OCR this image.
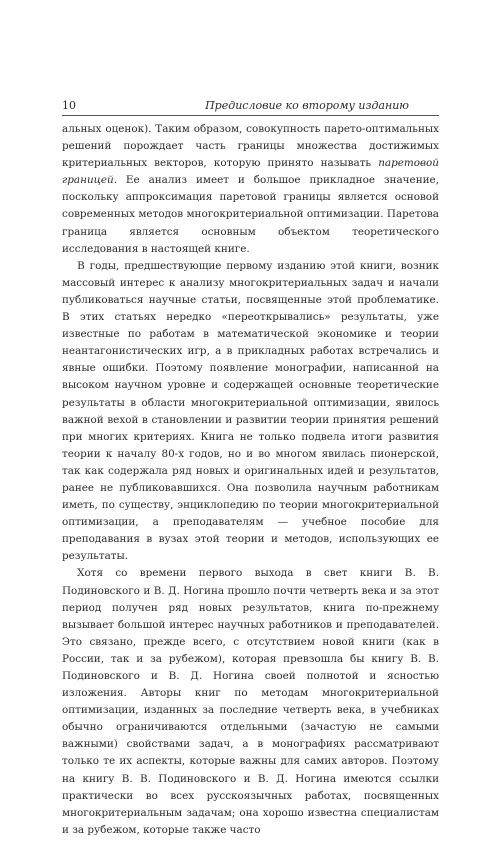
10	Предисловие ко второму изданию

альных оценок). Таким образом, совокупность парето-оптимальных решений порождает часть границы множества достижимых критериальных векторов, которую принято называть паретовой границей. Ее анализ имеет и большое прикладное значение, поскольку аппроксимация паретовой границы является основой современных методов многокритериальной оптимизации. Паретова граница является основным объектом теоретического исследования в настоящей книге.

В годы, предшествующие первому изданию этой книги, возник массовый интерес к анализу многокритериальных задач и начали публиковаться научные статьи, посвященные этой проблематике. В этих статьях нередко «переоткрывались» результаты, уже известные по работам в математической экономике и теории неантагонистических игр, а в прикладных работах встречались и явные ошибки. Поэтому появление монографии, написанной на высоком научном уровне и содержащей основные теоретические результаты в области многокритериальной оптимизации, явилось важной вехой в становлении и развитии теории принятия решений при многих критериях. Книга не только подвела итоги развития теории к началу 80-х годов, но и во многом явилась пионерской, так как содержала ряд новых и оригинальных идей и результатов, ранее не публиковавшихся. Она позволила научным работникам иметь, по существу, энциклопедию по теории многокритериальной оптимизации, а преподавателям — учебное пособие для преподавания в вузах этой теории и методов, использующих ее результаты.

Хотя со времени первого выхода в свет книги В. В. Подиновского и В. Д. Ногина прошло почти четверть века и за этот период получен ряд новых результатов, книга по-прежнему вызывает большой интерес научных работников и преподавателей. Это связано, прежде всего, с отсутствием новой книги (как в России, так и за рубежом), которая превзошла бы книгу В. В. Подиновского и В. Д. Ногина своей полнотой и ясностью изложения. Авторы книг по методам многокритериальной оптимизации, изданных за последние четверть века, в учебниках обычно ограничиваются отдельными (зачастую не самыми важными) свойствами задач, а в монографиях рассматривают только те их аспекты, которые важны для самих авторов. Поэтому на книгу В. В. Подиновского и В. Д. Ногина имеются ссылки практически во всех русскоязычных работах, посвященных многокритериальным задачам; она хорошо известна специалистам и за рубежом, которые также часто
